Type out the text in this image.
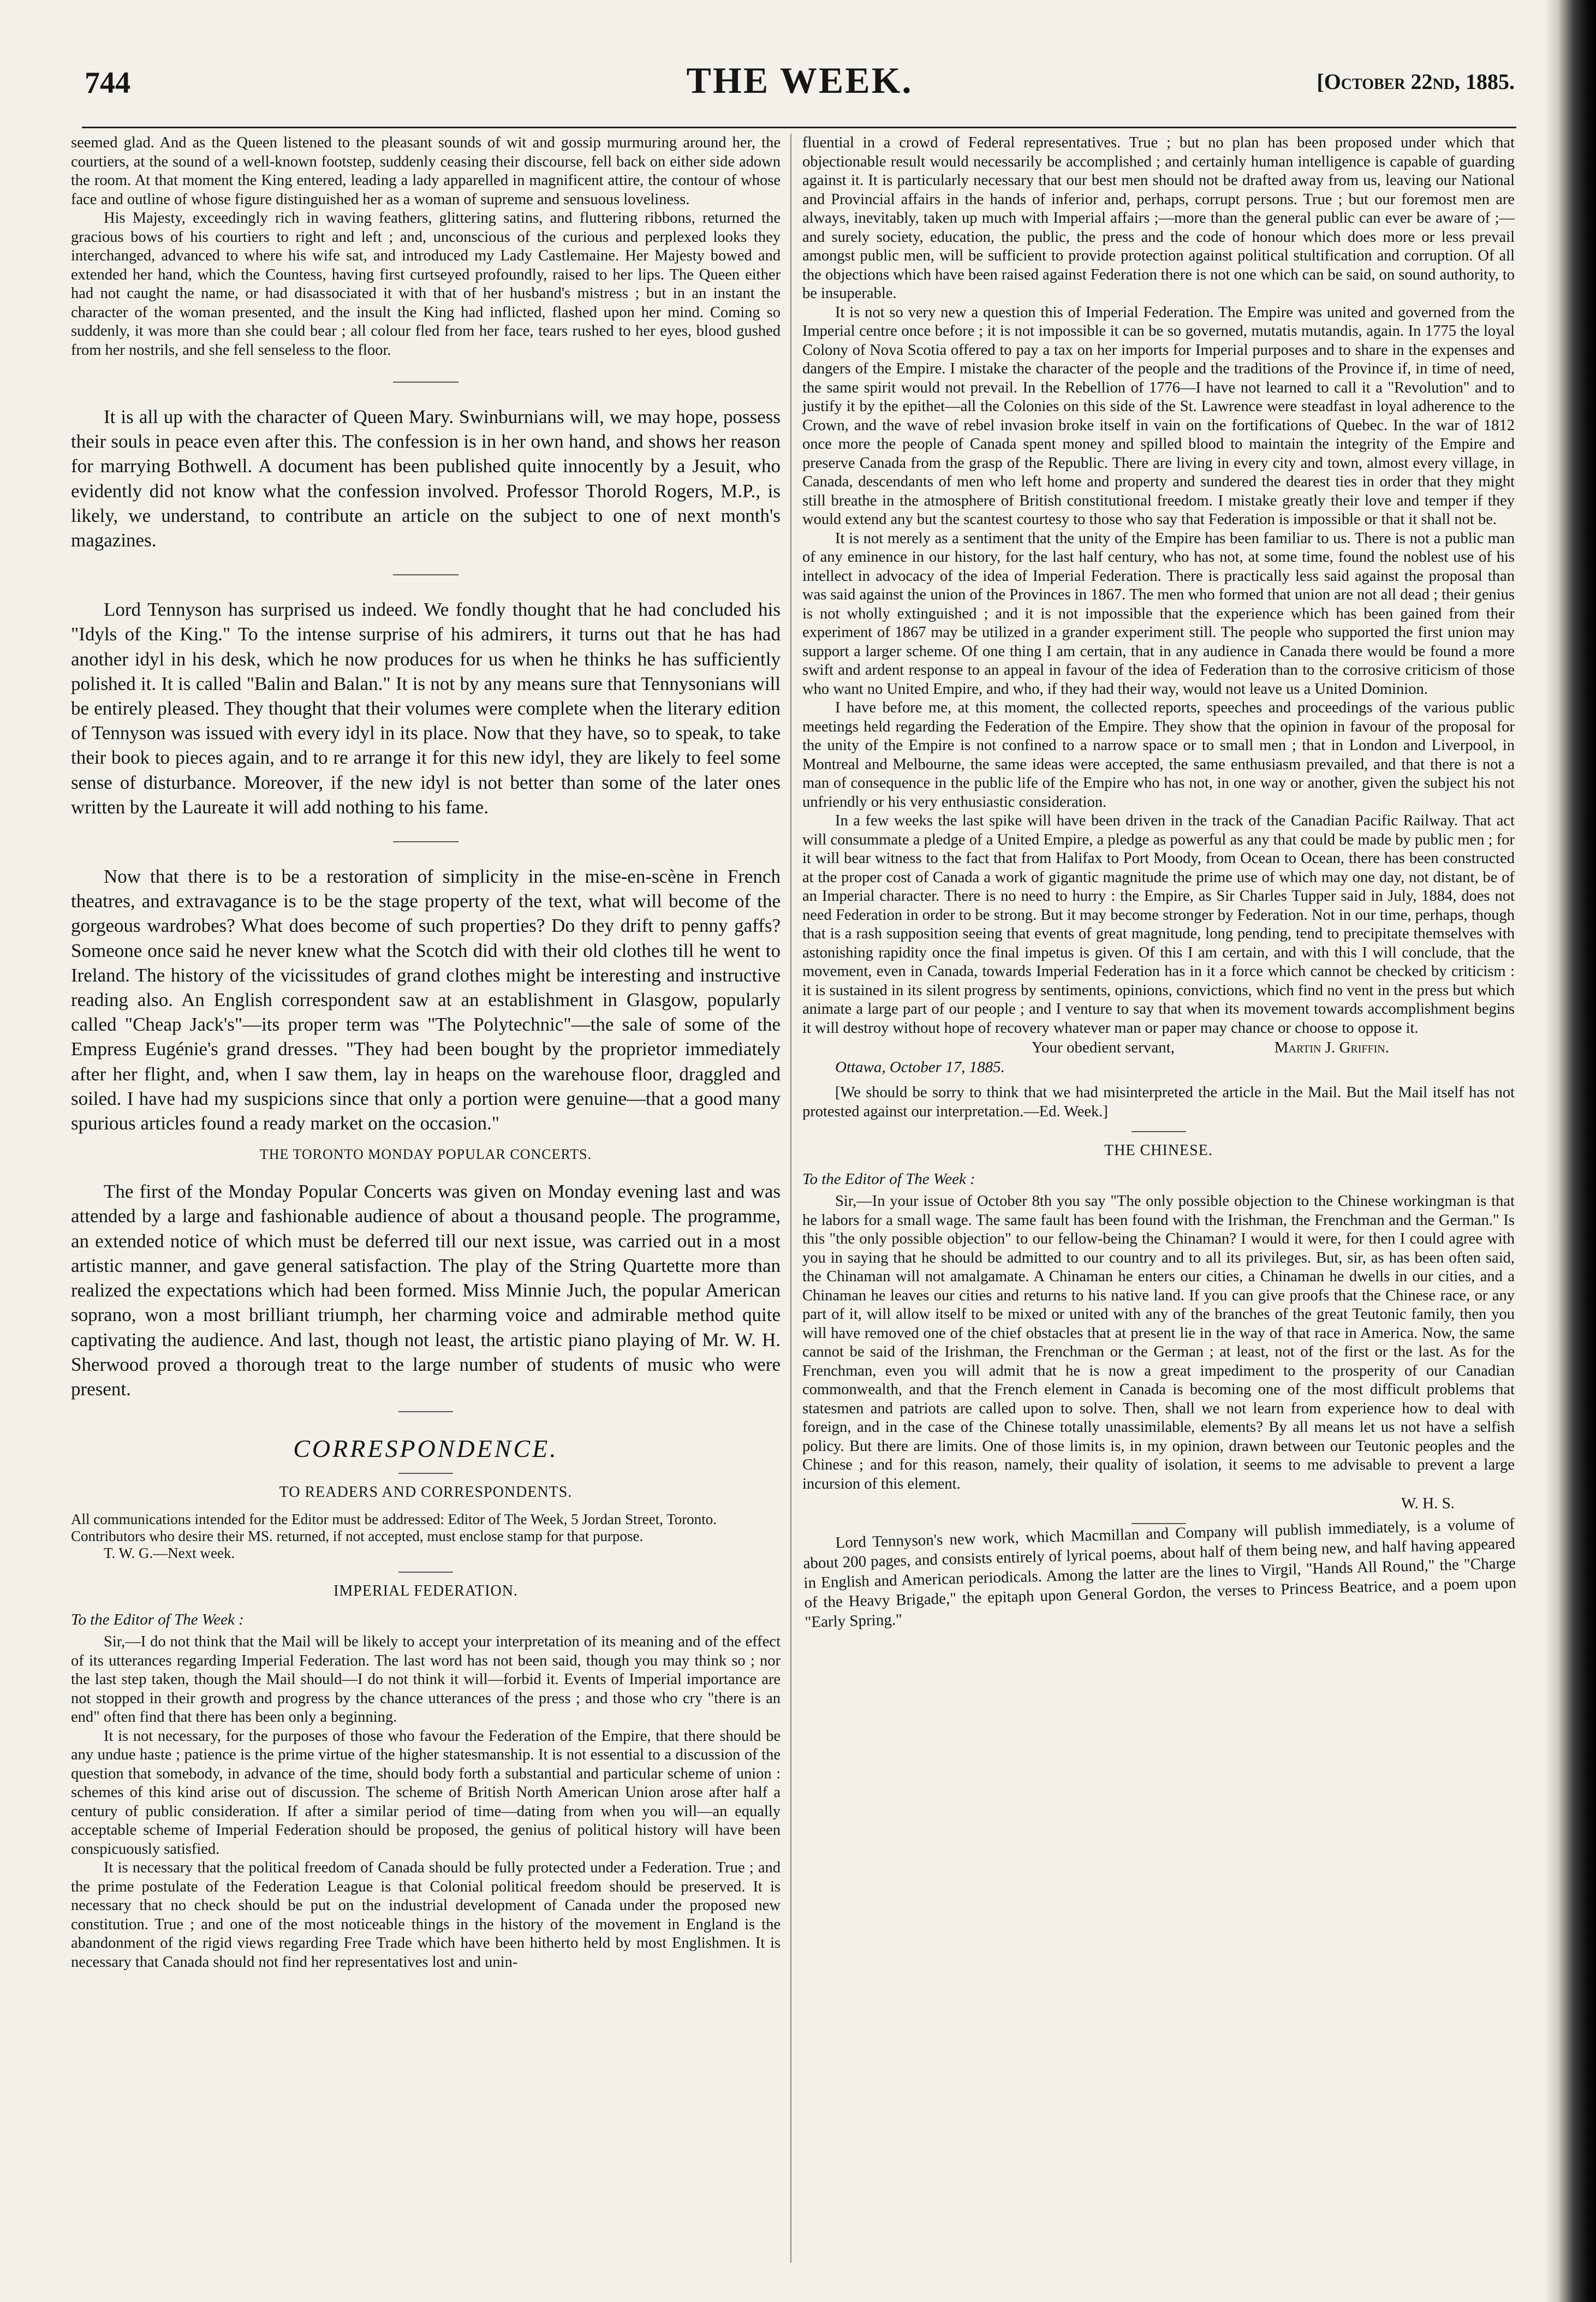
744	THE WEEK.	[October 22nd, 1885.

seemed glad. And as the Queen listened to the pleasant sounds of wit and gossip murmuring around her, the courtiers, at the sound of a well-known footstep, suddenly ceasing their discourse, fell back on either side adown the room. At that moment the King entered, leading a lady apparelled in magnificent attire, the contour of whose face and outline of whose figure distinguished her as a woman of supreme and sensuous loveliness.

His Majesty, exceedingly rich in waving feathers, glittering satins, and fluttering ribbons, returned the gracious bows of his courtiers to right and left ; and, unconscious of the curious and perplexed looks they interchanged, advanced to where his wife sat, and introduced my Lady Castlemaine. Her Majesty bowed and extended her hand, which the Countess, having first curtseyed profoundly, raised to her lips. The Queen either had not caught the name, or had disassociated it with that of her husband's mistress ; but in an instant the character of the woman presented, and the insult the King had inflicted, flashed upon her mind. Coming so suddenly, it was more than she could bear ; all colour fled from her face, tears rushed to her eyes, blood gushed from her nostrils, and she fell senseless to the floor.

It is all up with the character of Queen Mary. Swinburnians will, we may hope, possess their souls in peace even after this. The confession is in her own hand, and shows her reason for marrying Bothwell. A document has been published quite innocently by a Jesuit, who evidently did not know what the confession involved. Professor Thorold Rogers, M.P., is likely, we understand, to contribute an article on the subject to one of next month's magazines.

Lord Tennyson has surprised us indeed. We fondly thought that he had concluded his "Idyls of the King." To the intense surprise of his admirers, it turns out that he has had another idyl in his desk, which he now produces for us when he thinks he has sufficiently polished it. It is called "Balin and Balan." It is not by any means sure that Tennysonians will be entirely pleased. They thought that their volumes were complete when the literary edition of Tennyson was issued with every idyl in its place. Now that they have, so to speak, to take their book to pieces again, and to re arrange it for this new idyl, they are likely to feel some sense of disturbance. Moreover, if the new idyl is not better than some of the later ones written by the Laureate it will add nothing to his fame.

Now that there is to be a restoration of simplicity in the mise-en-scène in French theatres, and extravagance is to be the stage property of the text, what will become of the gorgeous wardrobes? What does become of such properties? Do they drift to penny gaffs? Someone once said he never knew what the Scotch did with their old clothes till he went to Ireland. The history of the vicissitudes of grand clothes might be interesting and instructive reading also. An English correspondent saw at an establishment in Glasgow, popularly called "Cheap Jack's"—its proper term was "The Polytechnic"—the sale of some of the Empress Eugénie's grand dresses. "They had been bought by the proprietor immediately after her flight, and, when I saw them, lay in heaps on the warehouse floor, draggled and soiled. I have had my suspicions since that only a portion were genuine—that a good many spurious articles found a ready market on the occasion."

THE TORONTO MONDAY POPULAR CONCERTS.

The first of the Monday Popular Concerts was given on Monday evening last and was attended by a large and fashionable audience of about a thousand people. The programme, an extended notice of which must be deferred till our next issue, was carried out in a most artistic manner, and gave general satisfaction. The play of the String Quartette more than realized the expectations which had been formed. Miss Minnie Juch, the popular American soprano, won a most brilliant triumph, her charming voice and admirable method quite captivating the audience. And last, though not least, the artistic piano playing of Mr. W. H. Sherwood proved a thorough treat to the large number of students of music who were present.

CORRESPONDENCE.
TO READERS AND CORRESPONDENTS.

All communications intended for the Editor must be addressed: Editor of The Week, 5 Jordan Street, Toronto.

Contributors who desire their MS. returned, if not accepted, must enclose stamp for that purpose.

T. W. G.—Next week.

IMPERIAL FEDERATION.

To the Editor of The Week :

Sir,—I do not think that the Mail will be likely to accept your interpretation of its meaning and of the effect of its utterances regarding Imperial Federation. The last word has not been said, though you may think so ; nor the last step taken, though the Mail should—I do not think it will—forbid it. Events of Imperial importance are not stopped in their growth and progress by the chance utterances of the press ; and those who cry "there is an end" often find that there has been only a beginning.

It is not necessary, for the purposes of those who favour the Federation of the Empire, that there should be any undue haste ; patience is the prime virtue of the higher statesmanship. It is not essential to a discussion of the question that somebody, in advance of the time, should body forth a substantial and particular scheme of union : schemes of this kind arise out of discussion. The scheme of British North American Union arose after half a century of public consideration. If after a similar period of time—dating from when you will—an equally acceptable scheme of Imperial Federation should be proposed, the genius of political history will have been conspicuously satisfied.

It is necessary that the political freedom of Canada should be fully protected under a Federation. True ; and the prime postulate of the Federation League is that Colonial political freedom should be preserved. It is necessary that no check should be put on the industrial development of Canada under the proposed new constitution. True ; and one of the most noticeable things in the history of the movement in England is the abandonment of the rigid views regarding Free Trade which have been hitherto held by most Englishmen. It is necessary that Canada should not find her representatives lost and unin-

fluential in a crowd of Federal representatives. True ; but no plan has been proposed under which that objectionable result would necessarily be accomplished ; and certainly human intelligence is capable of guarding against it. It is particularly necessary that our best men should not be drafted away from us, leaving our National and Provincial affairs in the hands of inferior and, perhaps, corrupt persons. True ; but our foremost men are always, inevitably, taken up much with Imperial affairs ;—more than the general public can ever be aware of ;—and surely society, education, the public, the press and the code of honour which does more or less prevail amongst public men, will be sufficient to provide protection against political stultification and corruption. Of all the objections which have been raised against Federation there is not one which can be said, on sound authority, to be insuperable.

It is not so very new a question this of Imperial Federation. The Empire was united and governed from the Imperial centre once before ; it is not impossible it can be so governed, mutatis mutandis, again. In 1775 the loyal Colony of Nova Scotia offered to pay a tax on her imports for Imperial purposes and to share in the expenses and dangers of the Empire. I mistake the character of the people and the traditions of the Province if, in time of need, the same spirit would not prevail. In the Rebellion of 1776—I have not learned to call it a "Revolution" and to justify it by the epithet—all the Colonies on this side of the St. Lawrence were steadfast in loyal adherence to the Crown, and the wave of rebel invasion broke itself in vain on the fortifications of Quebec. In the war of 1812 once more the people of Canada spent money and spilled blood to maintain the integrity of the Empire and preserve Canada from the grasp of the Republic. There are living in every city and town, almost every village, in Canada, descendants of men who left home and property and sundered the dearest ties in order that they might still breathe in the atmosphere of British constitutional freedom. I mistake greatly their love and temper if they would extend any but the scantest courtesy to those who say that Federation is impossible or that it shall not be.

It is not merely as a sentiment that the unity of the Empire has been familiar to us. There is not a public man of any eminence in our history, for the last half century, who has not, at some time, found the noblest use of his intellect in advocacy of the idea of Imperial Federation. There is practically less said against the proposal than was said against the union of the Provinces in 1867. The men who formed that union are not all dead ; their genius is not wholly extinguished ; and it is not impossible that the experience which has been gained from their experiment of 1867 may be utilized in a grander experiment still. The people who supported the first union may support a larger scheme. Of one thing I am certain, that in any audience in Canada there would be found a more swift and ardent response to an appeal in favour of the idea of Federation than to the corrosive criticism of those who want no United Empire, and who, if they had their way, would not leave us a United Dominion.

I have before me, at this moment, the collected reports, speeches and proceedings of the various public meetings held regarding the Federation of the Empire. They show that the opinion in favour of the proposal for the unity of the Empire is not confined to a narrow space or to small men ; that in London and Liverpool, in Montreal and Melbourne, the same ideas were accepted, the same enthusiasm prevailed, and that there is not a man of consequence in the public life of the Empire who has not, in one way or another, given the subject his not unfriendly or his very enthusiastic consideration.

In a few weeks the last spike will have been driven in the track of the Canadian Pacific Railway. That act will consummate a pledge of a United Empire, a pledge as powerful as any that could be made by public men ; for it will bear witness to the fact that from Halifax to Port Moody, from Ocean to Ocean, there has been constructed at the proper cost of Canada a work of gigantic magnitude the prime use of which may one day, not distant, be of an Imperial character. There is no need to hurry : the Empire, as Sir Charles Tupper said in July, 1884, does not need Federation in order to be strong. But it may become stronger by Federation. Not in our time, perhaps, though that is a rash supposition seeing that events of great magnitude, long pending, tend to precipitate themselves with astonishing rapidity once the final impetus is given. Of this I am certain, and with this I will conclude, that the movement, even in Canada, towards Imperial Federation has in it a force which cannot be checked by criticism : it is sustained in its silent progress by sentiments, opinions, convictions, which find no vent in the press but which animate a large part of our people ; and I venture to say that when its movement towards accomplishment begins it will destroy without hope of recovery whatever man or paper may chance or choose to oppose it.

Your obedient servant,	Martin J. Griffin.

Ottawa, October 17, 1885.

[We should be sorry to think that we had misinterpreted the article in the Mail. But the Mail itself has not protested against our interpretation.—Ed. Week.]

THE CHINESE.

To the Editor of The Week :

Sir,—In your issue of October 8th you say "The only possible objection to the Chinese workingman is that he labors for a small wage. The same fault has been found with the Irishman, the Frenchman and the German." Is this "the only possible objection" to our fellow-being the Chinaman? I would it were, for then I could agree with you in saying that he should be admitted to our country and to all its privileges. But, sir, as has been often said, the Chinaman will not amalgamate. A Chinaman he enters our cities, a Chinaman he dwells in our cities, and a Chinaman he leaves our cities and returns to his native land. If you can give proofs that the Chinese race, or any part of it, will allow itself to be mixed or united with any of the branches of the great Teutonic family, then you will have removed one of the chief obstacles that at present lie in the way of that race in America. Now, the same cannot be said of the Irishman, the Frenchman or the German ; at least, not of the first or the last. As for the Frenchman, even you will admit that he is now a great impediment to the prosperity of our Canadian commonwealth, and that the French element in Canada is becoming one of the most difficult problems that statesmen and patriots are called upon to solve. Then, shall we not learn from experience how to deal with foreign, and in the case of the Chinese totally unassimilable, elements? By all means let us not have a selfish policy. But there are limits. One of those limits is, in my opinion, drawn between our Teutonic peoples and the Chinese ; and for this reason, namely, their quality of isolation, it seems to me advisable to prevent a large incursion of this element.

W. H. S.

Lord Tennyson's new work, which Macmillan and Company will publish immediately, is a volume of about 200 pages, and consists entirely of lyrical poems, about half of them being new, and half having appeared in English and American periodicals. Among the latter are the lines to Virgil, "Hands All Round," the "Charge of the Heavy Brigade," the epitaph upon General Gordon, the verses to Princess Beatrice, and a poem upon "Early Spring."
